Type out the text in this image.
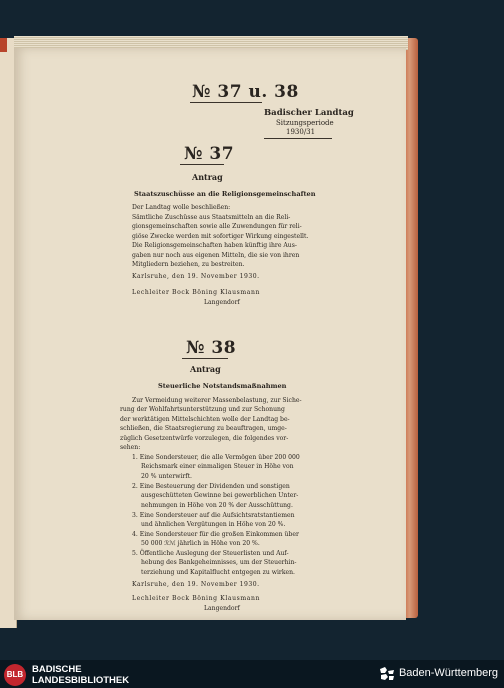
№ 37 u. 38
Badischer Landtag
Sitzungsperiode
1930/31
№ 37
Antrag
Staatszuschüsse an die Religionsgemeinschaften
Der Landtag wolle beschließen:
Sämtliche Zuschüsse aus Staatsmitteln an die Reli-
gionsgemeinschaften sowie alle Zuwendungen für reli-
giöse Zwecke werden mit sofortiger Wirkung eingestellt.
Die Religionsgemeinschaften haben künftig ihre Aus-
gaben nur noch aus eigenen Mitteln, die sie von ihren
Mitgliedern beziehen, zu bestreiten.
Karlsruhe, den 19. November 1930.
Lechleiter Bock Böning Klausmann
Langendorf
№ 38
Antrag
Steuerliche Notstandsmaßnahmen
Zur Vermeidung weiterer Massenbelastung, zur Siche-
rung der Wohlfahrtsunterstützung und zur Schonung
der werktätigen Mittelschichten wolle der Landtag be-
schließen, die Staatsregierung zu beauftragen, umge-
züglich Gesetzentwürfe vorzulegen, die folgendes vor-
sehen:
1. Eine Sondersteuer, die alle Vermögen über 200 000
Reichsmark einer einmaligen Steuer in Höhe von
20 % unterwirft.
2. Eine Besteuerung der Dividenden und sonstigen
ausgeschütteten Gewinne bei gewerblichen Unter-
nehmungen in Höhe von 20 % der Ausschüttung.
3. Eine Sondersteuer auf die Aufsichtsratstantiemen
und ähnlichen Vergütungen in Höhe von 20 %.
4. Eine Sondersteuer für die großen Einkommen über
50 000 ℛℳ jährlich in Höhe von 20 %.
5. Öffentliche Auslegung der Steuerlisten und Auf-
hebung des Bankgeheimnisses, um der Steuerhin-
terziehung und Kapitalflucht entgegen zu wirken.
Karlsruhe, den 19. November 1930.
Lechleiter Bock Böning Klausmann
Langendorf
BLB BADISCHE
LANDESBIBLIOTHEK
Baden-Württemberg
